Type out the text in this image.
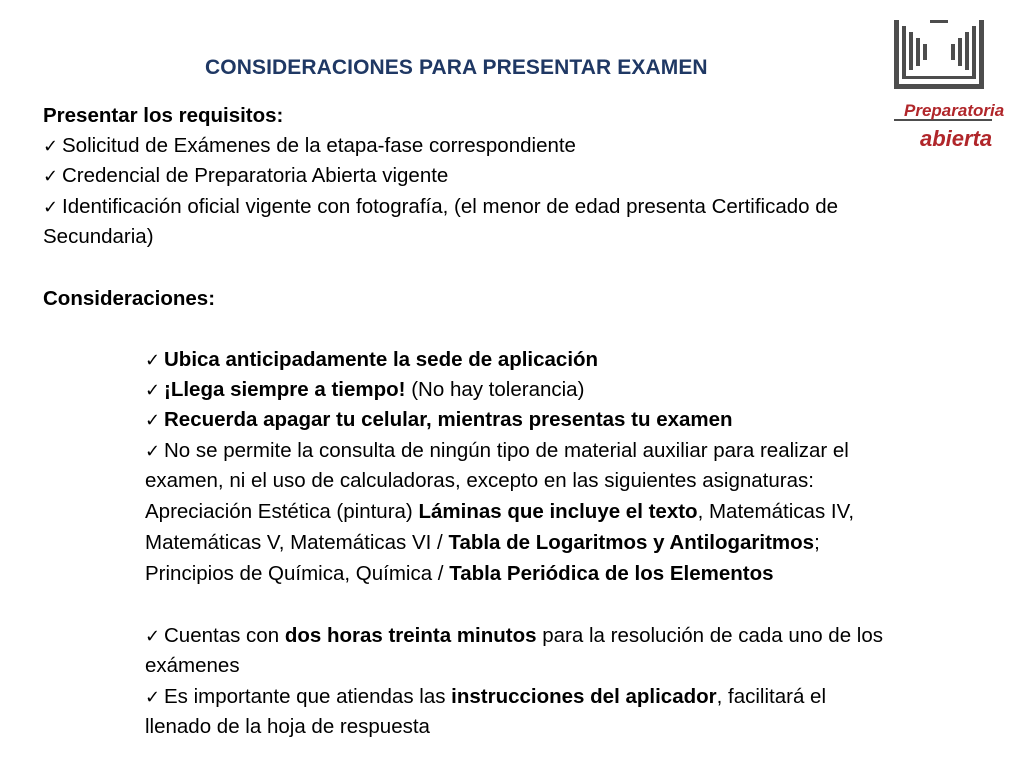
CONSIDERACIONES PARA PRESENTAR EXAMEN
Preparatoria
abierta
Presentar los requisitos:
✓ Solicitud de Exámenes de la etapa-fase correspondiente
✓ Credencial de Preparatoria Abierta vigente
✓ Identificación oficial vigente con fotografía, (el menor de edad presenta Certificado de
Secundaria)
Consideraciones:
✓ Ubica anticipadamente la sede de aplicación
✓ ¡Llega siempre a tiempo! (No hay tolerancia)
✓ Recuerda apagar tu celular, mientras presentas tu examen
✓ No se permite la consulta de ningún tipo de material auxiliar para realizar el
examen, ni el uso de calculadoras, excepto en las siguientes asignaturas:
Apreciación Estética (pintura) Láminas que incluye el texto, Matemáticas IV,
Matemáticas V, Matemáticas VI / Tabla de Logaritmos y Antilogaritmos;
Principios de Química, Química / Tabla Periódica de los Elementos
✓ Cuentas con dos horas treinta minutos para la resolución de cada uno de los
exámenes
✓ Es importante que atiendas las instrucciones del aplicador, facilitará el
llenado de la hoja de respuesta
